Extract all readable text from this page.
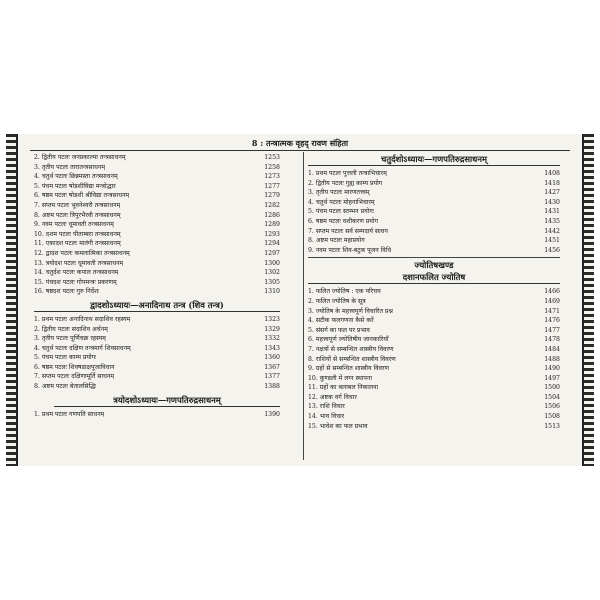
8 : तन्त्रात्मक वृहद् रावण संहिता
2. द्वितीय पटलः जनप्रकाल्मा तन्त्रसाधनम्	1253
3. तृतीय पटलः तारातन्त्रसाधनम्	1258
4. चतुर्थ पटलः छिन्नमस्ता तन्त्रसाधनम्	1273
5. पंचम पटलः षोडशीविद्या मन्त्रोद्धार	1277
6. षष्ठम पटलः षोडशी श्रीविद्या तन्त्रसाधनम्	1279
7. सप्तम पटलः भुवनेश्वरी तन्त्रसाधनम्	1282
8. अष्टम पटलः त्रिपुरभैरवी तन्त्रसाधनम्	1286
9. नवम पटलः धूमावती तन्त्रसाधनम्	1289
10. दशम पटलः पीताम्बरा तन्त्रसाधनम्	1293
11. एकादश पटलः मातंगी तन्त्रसाधनम्	1294
12. द्वादश पटलः कमलात्मिका तन्त्रसाधनम्	1297
13. त्रयोदश पटलः धूमावती तन्त्रसाधनम्	1300
14. चतुर्दश पटलः कपाल तन्त्रसाधनम्	1302
15. पंचदश पटलः गोपमन्त्रः प्रकरणम्	1305
16. षष्ठदश पटलः गुरु निर्देशः	1310
द्वादशोऽध्यायः—अनादिनाथ तन्त्र (शिव तन्त्र)
1. प्रथम पटलः अनादिनाथ सदाशिव रहस्यम्	1323
2. द्वितीय पटलः सदाशिव अर्चनम्	1329
3. तृतीय पटलः पूर्णिचक्र रहस्यम्	1332
4. चतुर्थ पटलः दक्षिण तन्त्रमार्ग शिवसाधनम्	1343
5. पंचम पटलः काम्य प्रयोगः	1360
6. षष्ठम पटलः शिवषडाक्षपूजाविधान	1367
7. सप्तम पटलः दक्षिणामूर्ति साधनम्	1377
8. अष्टम पटलः बेतालसिद्धिः	1388
त्रयोदशोऽध्यायः—गणपतिरुद्रसाधनम्
1. प्रथम पटलः गणपति साधनम्	1390
चतुर्दशोऽध्यायः—गणपतिरुद्रसाधनम्
1. प्रथम पटलः पुत्तली तन्त्राभिचारम्	1408
2. द्वितीय पटलः गुह्य काम्य प्रयोग	1418
3. तृतीय पटलः मारणतत्त्वम्	1427
4. चतुर्थ पटलः मोहनाभिचारम्	1430
5. पंचम पटलः स्तम्भन प्रयोगः	1431
6. षष्ठम पटलः वशीकरण प्रयोग	1435
7. सप्तम पटलः सर्व सम्पदार्य साधन	1442
8. अष्टम पटलः महाप्रयोग	1451
9. नवम पटलः शिव-बटुक पूजन विधि	1456
ज्योतिषखण्ड
दशानफलित ज्योतिष
1. फलित ज्योतिष : एक परिचय	1466
2. फलित ज्योतिष के सूत्र	1469
3. ज्योतिष के महत्त्वपूर्ण विचारित प्रश्न	1471
4. सटीक फलगणना कैसे करें	1476
5. संसर्ग का फल पर प्रभाव	1477
6. महत्त्वपूर्ण ज्योतिषीय जानकारियाँ	1478
7. नक्षत्रों से सम्बन्धित शास्त्रीय विवरण	1484
8. राशियों से सम्बन्धित शास्त्रीय विवरण	1488
9. ग्रहों से सम्बन्धित शास्त्रीय विवरण	1490
10. कुण्डली में लग्न स्थापना	1497
11. ग्रहों का बलाबल निकालना	1500
12. अष्टक वर्ग विचार	1504
13. राशि विचार	1506
14. भाव विचार	1508
15. भावेश का फल प्रभाव	1513
